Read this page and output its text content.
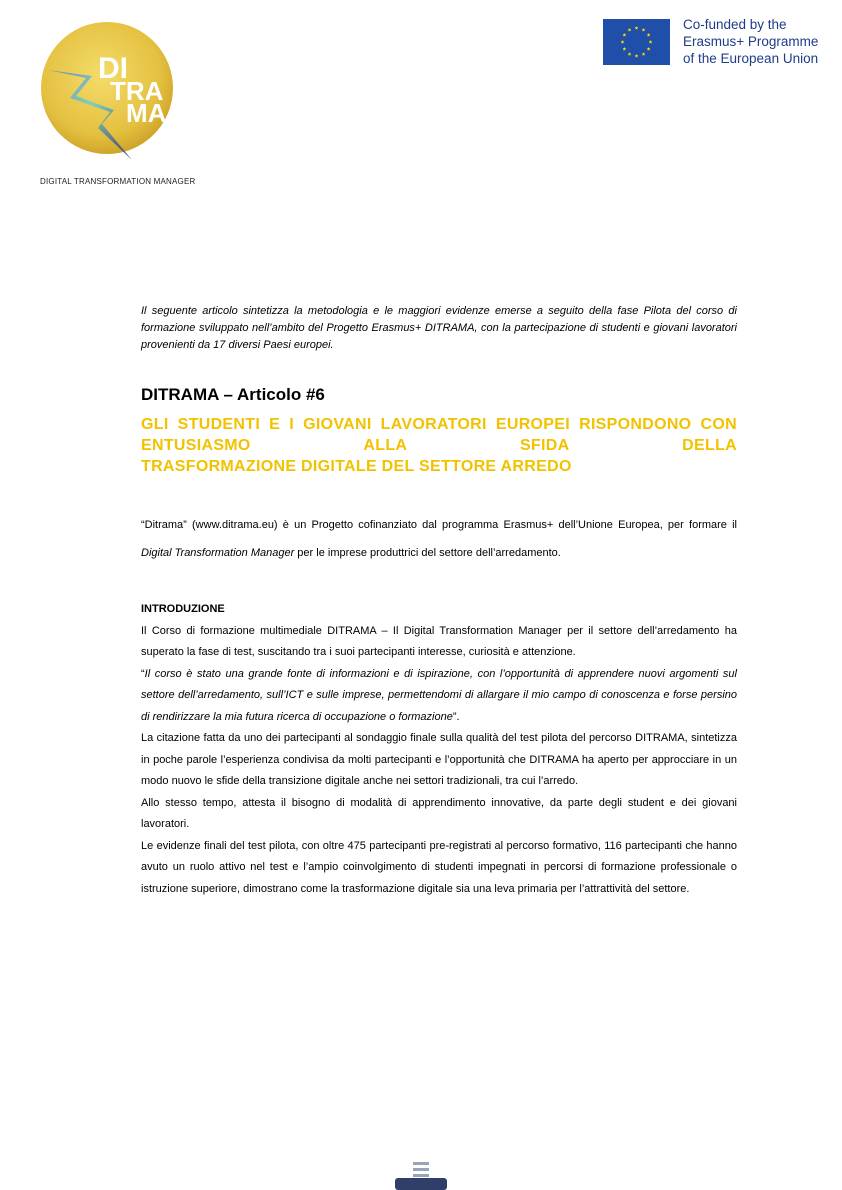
DI
TRA
MA
DIGITAL TRANSFORMATION MANAGER
Co-funded by the
Erasmus+ Programme
of the European Union
Il seguente articolo sintetizza la metodologia e le maggiori evidenze emerse a seguito della fase Pilota del corso di formazione sviluppato nell’ambito del Progetto Erasmus+ DITRAMA, con la partecipazione di studenti e giovani lavoratori provenienti da 17 diversi Paesi europei.
DITRAMA – Articolo #6
GLI STUDENTI E I GIOVANI LAVORATORI EUROPEI RISPONDONO CON ENTUSIASMO ALLA SFIDA DELLA
TRASFORMAZIONE DIGITALE DEL SETTORE ARREDO
“Ditrama” (www.ditrama.eu) è un Progetto cofinanziato dal programma Erasmus+ dell’Unione Europea, per formare il Digital Transformation Manager per le imprese produttrici del settore dell’arredamento.

INTRODUZIONE

Il Corso di formazione multimediale DITRAMA – Il Digital Transformation Manager per il settore dell’arredamento ha superato la fase di test, suscitando tra i suoi partecipanti interesse, curiosità e attenzione.

“Il corso è stato una grande fonte di informazioni e di ispirazione, con l’opportunità di apprendere nuovi argomenti sul settore dell’arredamento, sull’ICT e sulle imprese, permettendomi di allargare il mio campo di conoscenza e forse persino di rendirizzare la mia futura ricerca di occupazione o formazione”.

La citazione fatta da uno dei partecipanti al sondaggio finale sulla qualità del test pilota del percorso DITRAMA, sintetizza in poche parole l’esperienza condivisa da molti partecipanti e l’opportunità che DITRAMA ha aperto per approcciare in un modo nuovo le sfide della transizione digitale anche nei settori tradizionali, tra cui l’arredo.

Allo stesso tempo, attesta il bisogno di modalità di apprendimento innovative, da parte degli student e dei giovani lavoratori.

Le evidenze finali del test pilota, con oltre 475 partecipanti pre-registrati al percorso formativo, 116 partecipanti che hanno avuto un ruolo attivo nel test e l’ampio coinvolgimento di studenti impegnati in percorsi di formazione professionale o istruzione superiore, dimostrano come la trasformazione digitale sia una leva primaria per l’attrattività del settore.
